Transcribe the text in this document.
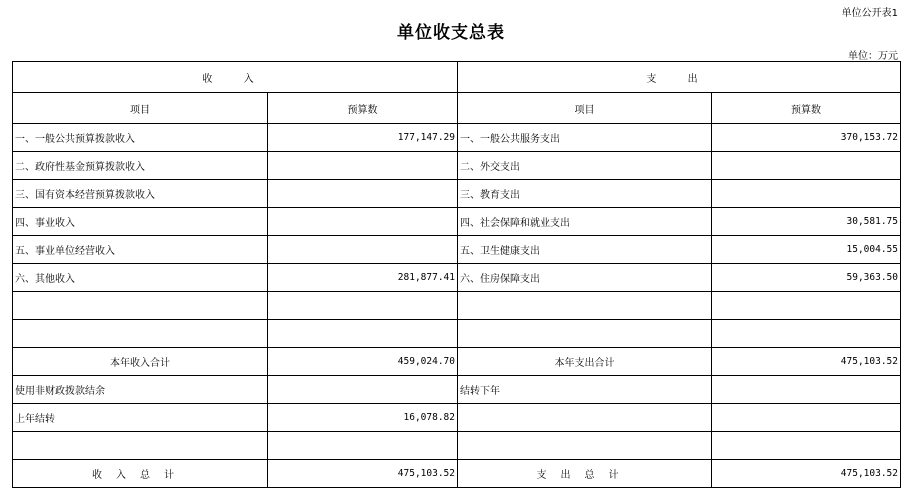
单位公开表1
单位收支总表
单位：万元
收 入		支 出	
项目	预算数	项目	预算数
一、一般公共预算拨款收入	177,147.29	一、一般公共服务支出	370,153.72
二、政府性基金预算拨款收入		二、外交支出	
三、国有资本经营预算拨款收入		三、教育支出	
四、事业收入		四、社会保障和就业支出	30,581.75
五、事业单位经营收入		五、卫生健康支出	15,004.55
六、其他收入	281,877.41	六、住房保障支出	59,363.50

本年收入合计	459,024.70	本年支出合计	475,103.52
使用非财政拨款结余		结转下年	
上年结转	16,078.82		

收入总计	475,103.52	支出总计	475,103.52
